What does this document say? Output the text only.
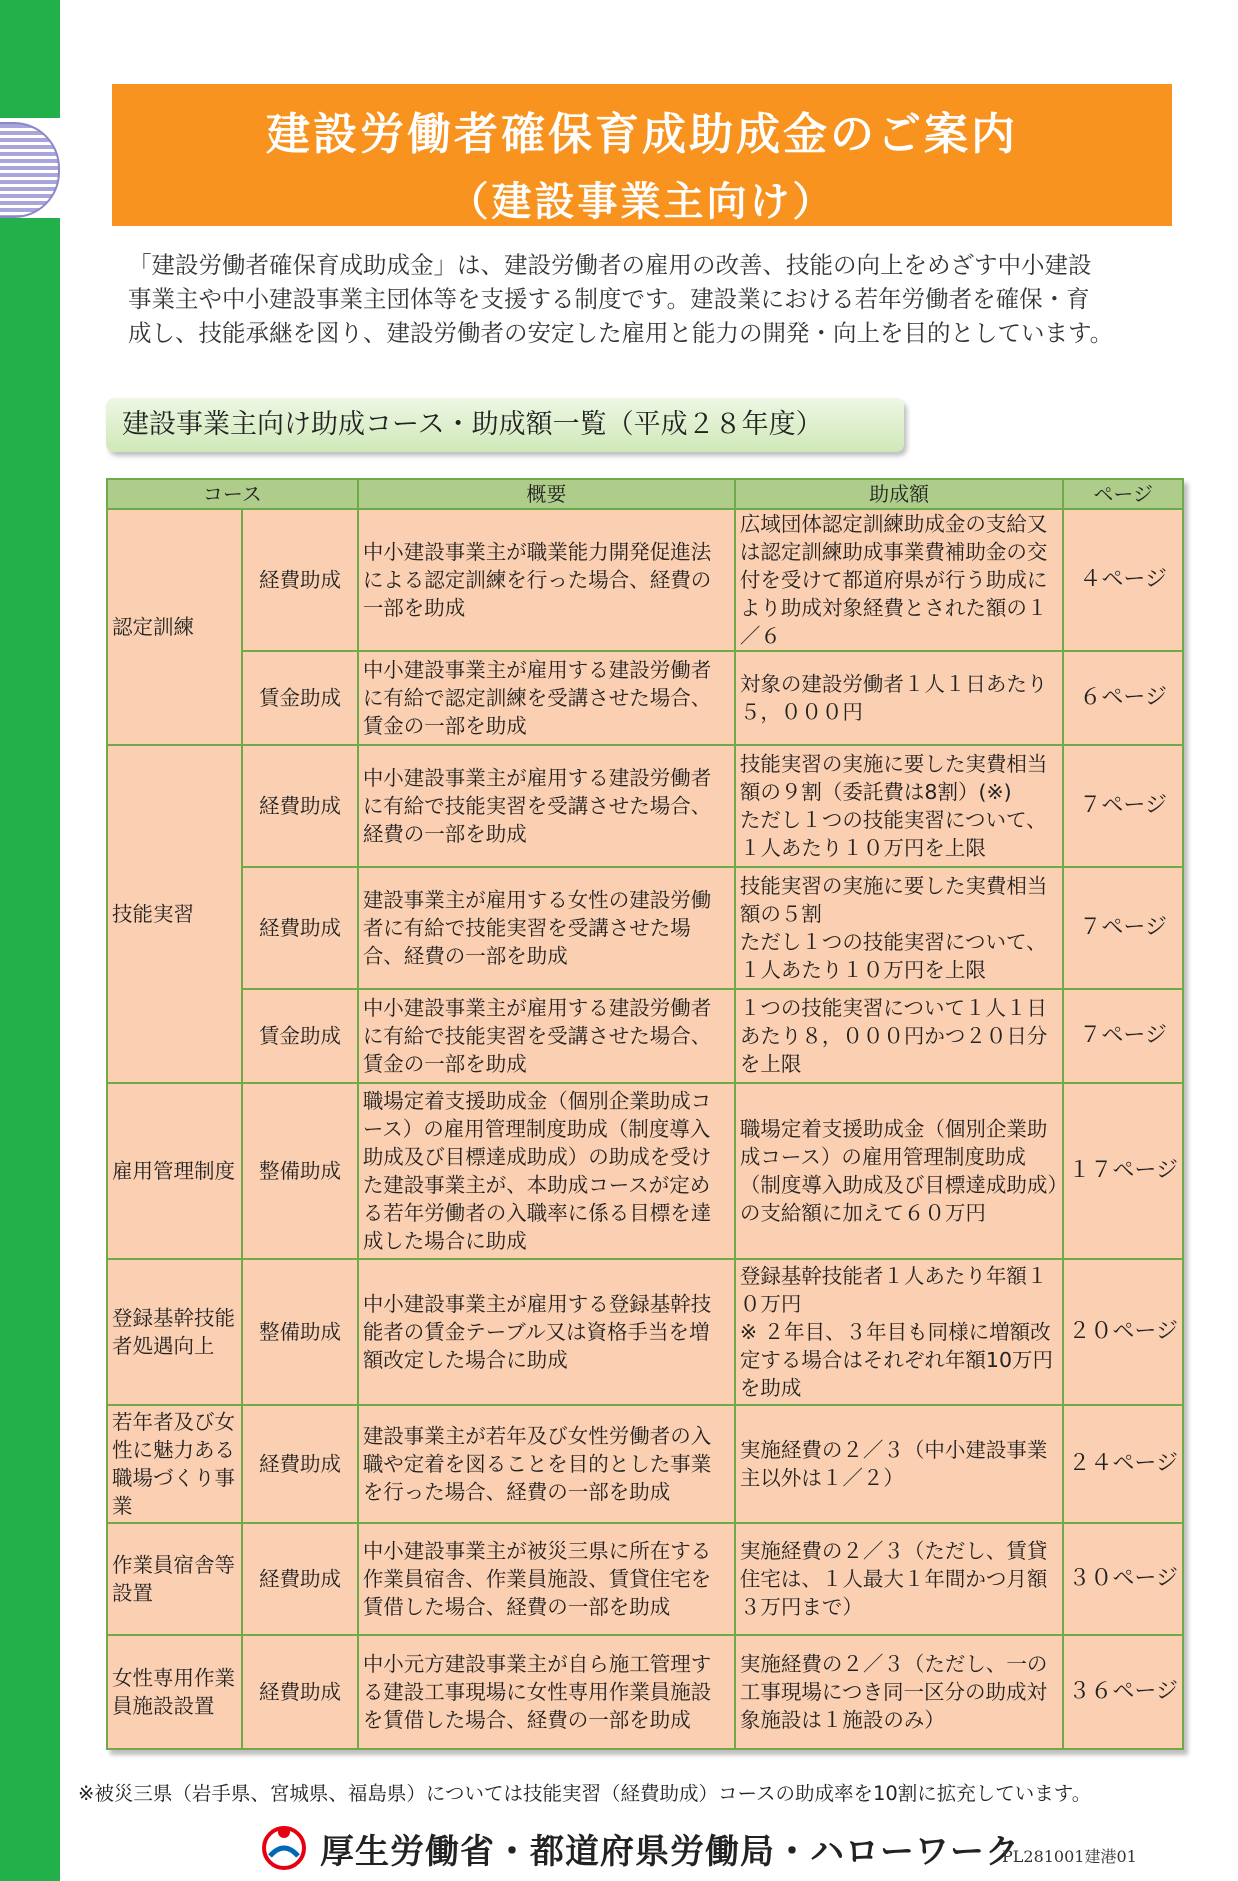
建設労働者確保育成助成金のご案内
（建設事業主向け）
「建設労働者確保育成助成金」は、建設労働者の雇用の改善、技能の向上をめざす中小建設
事業主や中小建設事業主団体等を支援する制度です。建設業における若年労働者を確保・育
成し、技能承継を図り、建設労働者の安定した雇用と能力の開発・向上を目的としています。
建設事業主向け助成コース・助成額一覧（平成２８年度）
コース		概要	助成額	ページ
認定訓練	経費助成	中小建設事業主が職業能力開発促進法による認定訓練を行った場合、経費の一部を助成	広域団体認定訓練助成金の支給又は認定訓練助成事業費補助金の交付を受けて都道府県が行う助成により助成対象経費とされた額の１／６	４ページ
	賃金助成	中小建設事業主が雇用する建設労働者に有給で認定訓練を受講させた場合、賃金の一部を助成	対象の建設労働者１人１日あたり５，０００円	６ページ
技能実習	経費助成	中小建設事業主が雇用する建設労働者に有給で技能実習を受講させた場合、経費の一部を助成	技能実習の実施に要した実費相当額の９割（委託費は8割）(※)
ただし１つの技能実習について、１人あたり１０万円を上限	７ページ
	経費助成	建設事業主が雇用する女性の建設労働者に有給で技能実習を受講させた場合、経費の一部を助成	技能実習の実施に要した実費相当額の５割
ただし１つの技能実習について、１人あたり１０万円を上限	７ページ
	賃金助成	中小建設事業主が雇用する建設労働者に有給で技能実習を受講させた場合、賃金の一部を助成	１つの技能実習について１人１日あたり８，０００円かつ２０日分を上限	７ページ
雇用管理制度	整備助成	職場定着支援助成金（個別企業助成コース）の雇用管理制度助成（制度導入助成及び目標達成助成）の助成を受けた建設事業主が、本助成コースが定める若年労働者の入職率に係る目標を達成した場合に助成	職場定着支援助成金（個別企業助成コース）の雇用管理制度助成（制度導入助成及び目標達成助成）の支給額に加えて６０万円	１７ページ
登録基幹技能者処遇向上	整備助成	中小建設事業主が雇用する登録基幹技能者の賃金テーブル又は資格手当を増額改定した場合に助成	登録基幹技能者１人あたり年額１０万円
※ ２年目、３年目も同様に増額改定する場合はそれぞれ年額10万円を助成	２０ページ
若年者及び女性に魅力ある職場づくり事業	経費助成	建設事業主が若年及び女性労働者の入職や定着を図ることを目的とした事業を行った場合、経費の一部を助成	実施経費の２／３（中小建設事業主以外は１／２）	２４ページ
作業員宿舎等設置	経費助成	中小建設事業主が被災三県に所在する作業員宿舎、作業員施設、賃貸住宅を賃借した場合、経費の一部を助成	実施経費の２／３（ただし、賃貸住宅は、１人最大１年間かつ月額３万円まで）	３０ページ
女性専用作業員施設設置	経費助成	中小元方建設事業主が自ら施工管理する建設工事現場に女性専用作業員施設を賃借した場合、経費の一部を助成	実施経費の２／３（ただし、一の工事現場につき同一区分の助成対象施設は１施設のみ）	３６ページ
※被災三県（岩手県、宮城県、福島県）については技能実習（経費助成）コースの助成率を10割に拡充しています。
厚生労働省・都道府県労働局・ハローワーク
PL281001建港01
